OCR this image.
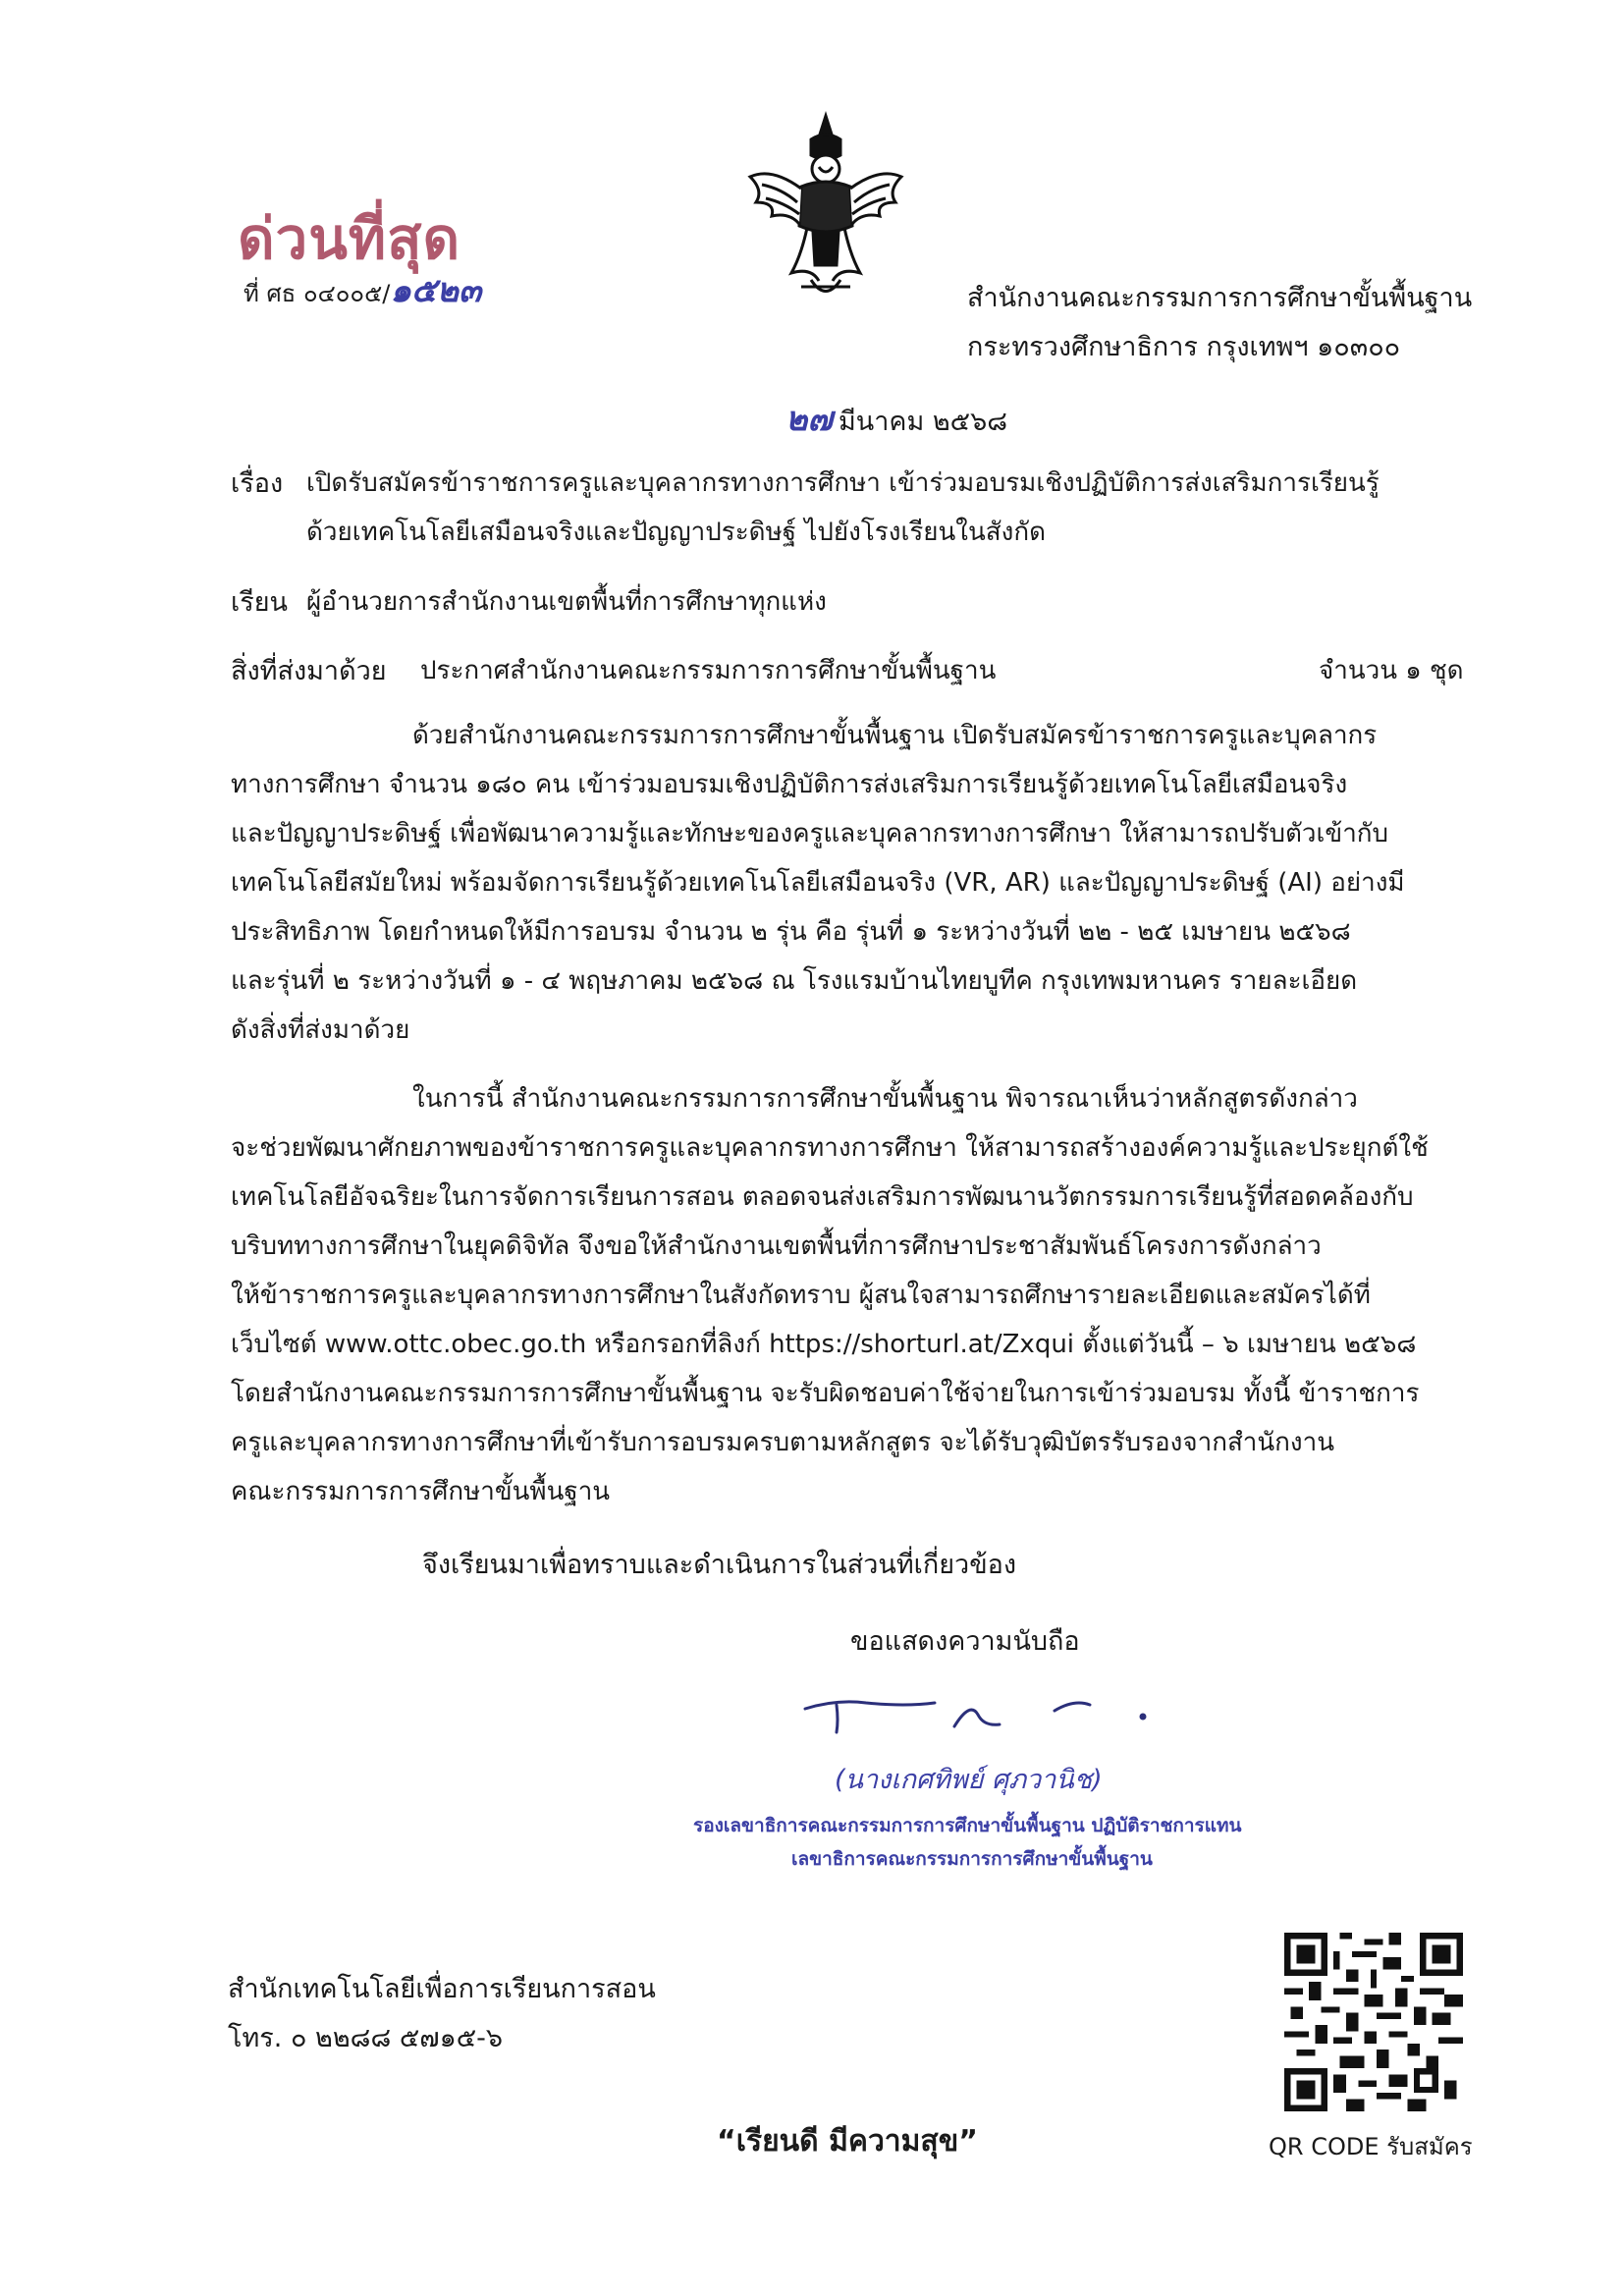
ด่วนที่สุด
ที่ ศธ ๐๔๐๐๕/๑๕๒๓	สำนักงานคณะกรรมการการศึกษาขั้นพื้นฐาน
กระทรวงศึกษาธิการ กรุงเทพฯ ๑๐๓๐๐
๒๗ มีนาคม ๒๕๖๘
เรื่อง เปิดรับสมัครข้าราชการครูและบุคลากรทางการศึกษา เข้าร่วมอบรมเชิงปฏิบัติการส่งเสริมการเรียนรู้
ด้วยเทคโนโลยีเสมือนจริงและปัญญาประดิษฐ์ ไปยังโรงเรียนในสังกัด
เรียน ผู้อำนวยการสำนักงานเขตพื้นที่การศึกษาทุกแห่ง
สิ่งที่ส่งมาด้วย ประกาศสำนักงานคณะกรรมการการศึกษาขั้นพื้นฐาน	จำนวน ๑ ชุด
ด้วยสำนักงานคณะกรรมการการศึกษาขั้นพื้นฐาน เปิดรับสมัครข้าราชการครูและบุคลากร
ทางการศึกษา จำนวน ๑๘๐ คน เข้าร่วมอบรมเชิงปฏิบัติการส่งเสริมการเรียนรู้ด้วยเทคโนโลยีเสมือนจริง
และปัญญาประดิษฐ์ เพื่อพัฒนาความรู้และทักษะของครูและบุคลากรทางการศึกษา ให้สามารถปรับตัวเข้ากับ
เทคโนโลยีสมัยใหม่ พร้อมจัดการเรียนรู้ด้วยเทคโนโลยีเสมือนจริง (VR, AR) และปัญญาประดิษฐ์ (AI) อย่างมี
ประสิทธิภาพ โดยกำหนดให้มีการอบรม จำนวน ๒ รุ่น คือ รุ่นที่ ๑ ระหว่างวันที่ ๒๒ - ๒๕ เมษายน ๒๕๖๘
และรุ่นที่ ๒ ระหว่างวันที่ ๑ - ๔ พฤษภาคม ๒๕๖๘ ณ โรงแรมบ้านไทยบูทีค กรุงเทพมหานคร รายละเอียด
ดังสิ่งที่ส่งมาด้วย
ในการนี้ สำนักงานคณะกรรมการการศึกษาขั้นพื้นฐาน พิจารณาเห็นว่าหลักสูตรดังกล่าว
จะช่วยพัฒนาศักยภาพของข้าราชการครูและบุคลากรทางการศึกษา ให้สามารถสร้างองค์ความรู้และประยุกต์ใช้
เทคโนโลยีอัจฉริยะในการจัดการเรียนการสอน ตลอดจนส่งเสริมการพัฒนานวัตกรรมการเรียนรู้ที่สอดคล้องกับ
บริบททางการศึกษาในยุคดิจิทัล จึงขอให้สำนักงานเขตพื้นที่การศึกษาประชาสัมพันธ์โครงการดังกล่าว
ให้ข้าราชการครูและบุคลากรทางการศึกษาในสังกัดทราบ ผู้สนใจสามารถศึกษารายละเอียดและสมัครได้ที่
เว็บไซต์ www.ottc.obec.go.th หรือกรอกที่ลิงก์ https://shorturl.at/Zxqui ตั้งแต่วันนี้ – ๖ เมษายน ๒๕๖๘
โดยสำนักงานคณะกรรมการการศึกษาขั้นพื้นฐาน จะรับผิดชอบค่าใช้จ่ายในการเข้าร่วมอบรม ทั้งนี้ ข้าราชการ
ครูและบุคลากรทางการศึกษาที่เข้ารับการอบรมครบตามหลักสูตร จะได้รับวุฒิบัตรรับรองจากสำนักงาน
คณะกรรมการการศึกษาขั้นพื้นฐาน
จึงเรียนมาเพื่อทราบและดำเนินการในส่วนที่เกี่ยวข้อง
ขอแสดงความนับถือ
(นางเกศทิพย์ ศุภวานิช)
รองเลขาธิการคณะกรรมการการศึกษาขั้นพื้นฐาน ปฏิบัติราชการแทน
เลขาธิการคณะกรรมการการศึกษาขั้นพื้นฐาน
สำนักเทคโนโลยีเพื่อการเรียนการสอน
โทร. ๐ ๒๒๘๘ ๕๗๑๕-๖
“เรียนดี มีความสุข”	QR CODE รับสมัคร
